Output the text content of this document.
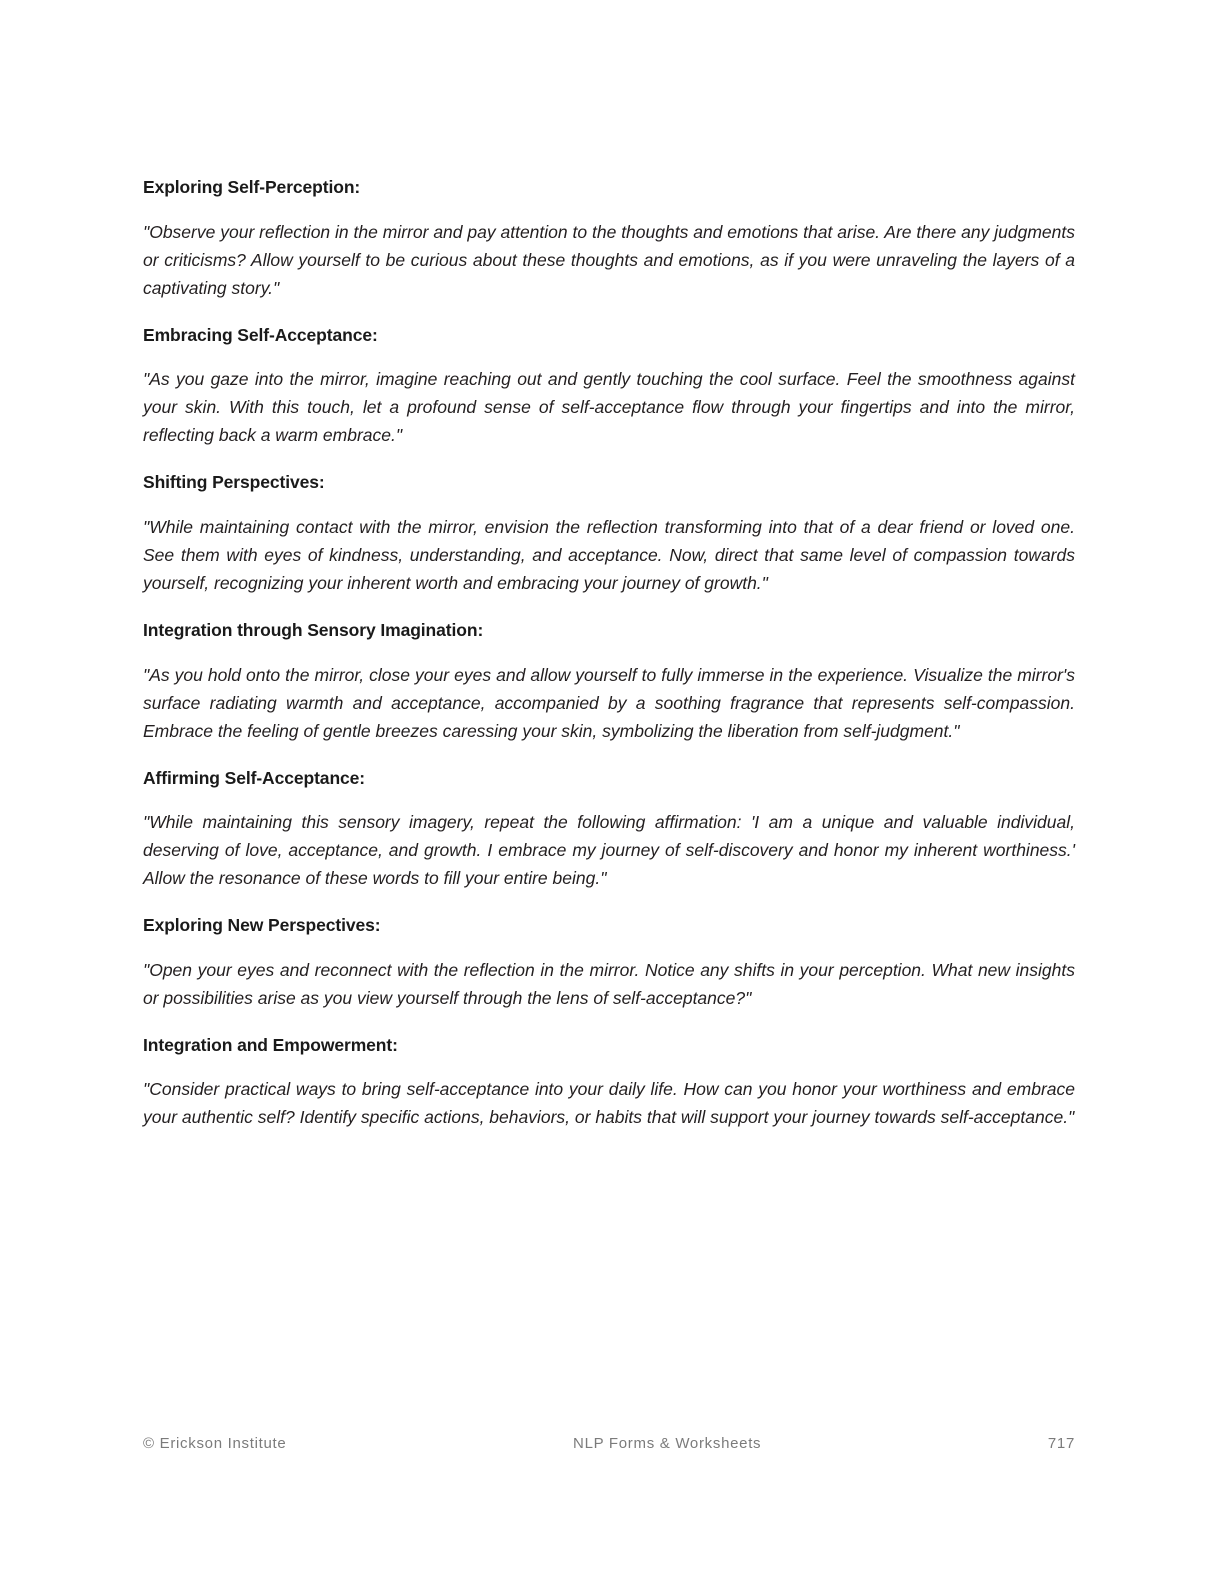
Exploring Self-Perception:

"Observe your reflection in the mirror and pay attention to the thoughts and emotions that arise. Are there any judgments or criticisms? Allow yourself to be curious about these thoughts and emotions, as if you were unraveling the layers of a captivating story."

Embracing Self-Acceptance:

"As you gaze into the mirror, imagine reaching out and gently touching the cool surface. Feel the smoothness against your skin. With this touch, let a profound sense of self-acceptance flow through your fingertips and into the mirror, reflecting back a warm embrace."

Shifting Perspectives:

"While maintaining contact with the mirror, envision the reflection transforming into that of a dear friend or loved one. See them with eyes of kindness, understanding, and acceptance. Now, direct that same level of compassion towards yourself, recognizing your inherent worth and embracing your journey of growth."

Integration through Sensory Imagination:

"As you hold onto the mirror, close your eyes and allow yourself to fully immerse in the experience. Visualize the mirror's surface radiating warmth and acceptance, accompanied by a soothing fragrance that represents self-compassion. Embrace the feeling of gentle breezes caressing your skin, symbolizing the liberation from self-judgment."

Affirming Self-Acceptance:

"While maintaining this sensory imagery, repeat the following affirmation: 'I am a unique and valuable individual, deserving of love, acceptance, and growth. I embrace my journey of self-discovery and honor my inherent worthiness.' Allow the resonance of these words to fill your entire being."

Exploring New Perspectives:

"Open your eyes and reconnect with the reflection in the mirror. Notice any shifts in your perception. What new insights or possibilities arise as you view yourself through the lens of self-acceptance?"

Integration and Empowerment:

"Consider practical ways to bring self-acceptance into your daily life. How can you honor your worthiness and embrace your authentic self? Identify specific actions, behaviors, or habits that will support your journey towards self-acceptance."

© Erickson Institute	NLP Forms & Worksheets	717
